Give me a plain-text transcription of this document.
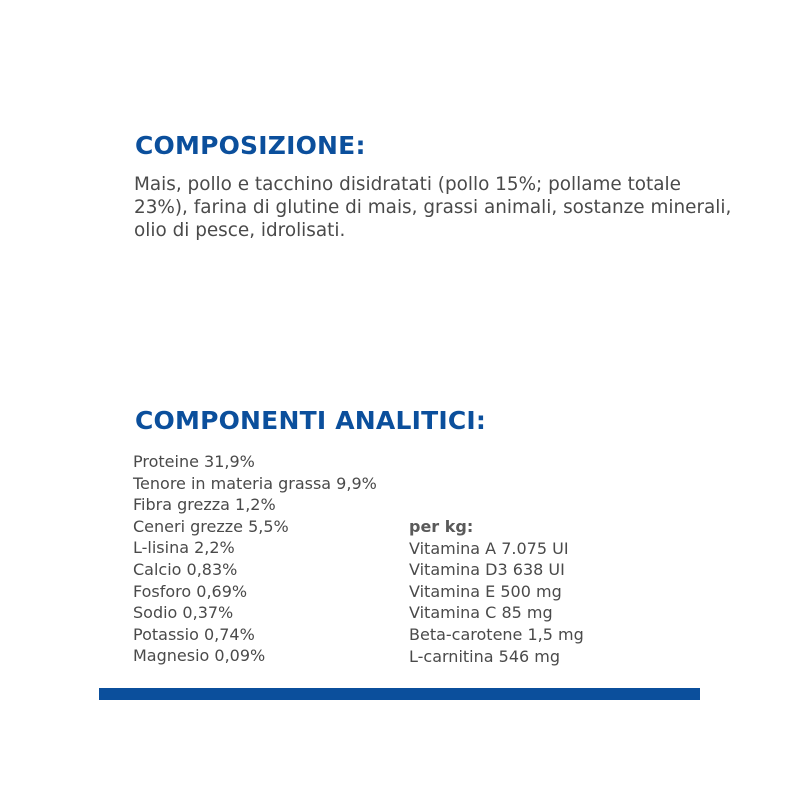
COMPOSIZIONE:

Mais, pollo e tacchino disidratati (pollo 15%; pollame totale 23%), farina di glutine di mais, grassi animali, sostanze minerali, olio di pesce, idrolisati.

COMPONENTI ANALITICI:
Proteine 31,9%
Tenore in materia grassa 9,9%
Fibra grezza 1,2%
Ceneri grezze 5,5%
L-lisina 2,2%
Calcio 0,83%
Fosforo 0,69%
Sodio 0,37%
Potassio 0,74%
Magnesio 0,09%
per kg:
Vitamina A 7.075 UI
Vitamina D3 638 UI
Vitamina E 500 mg
Vitamina C 85 mg
Beta-carotene 1,5 mg
L-carnitina 546 mg
